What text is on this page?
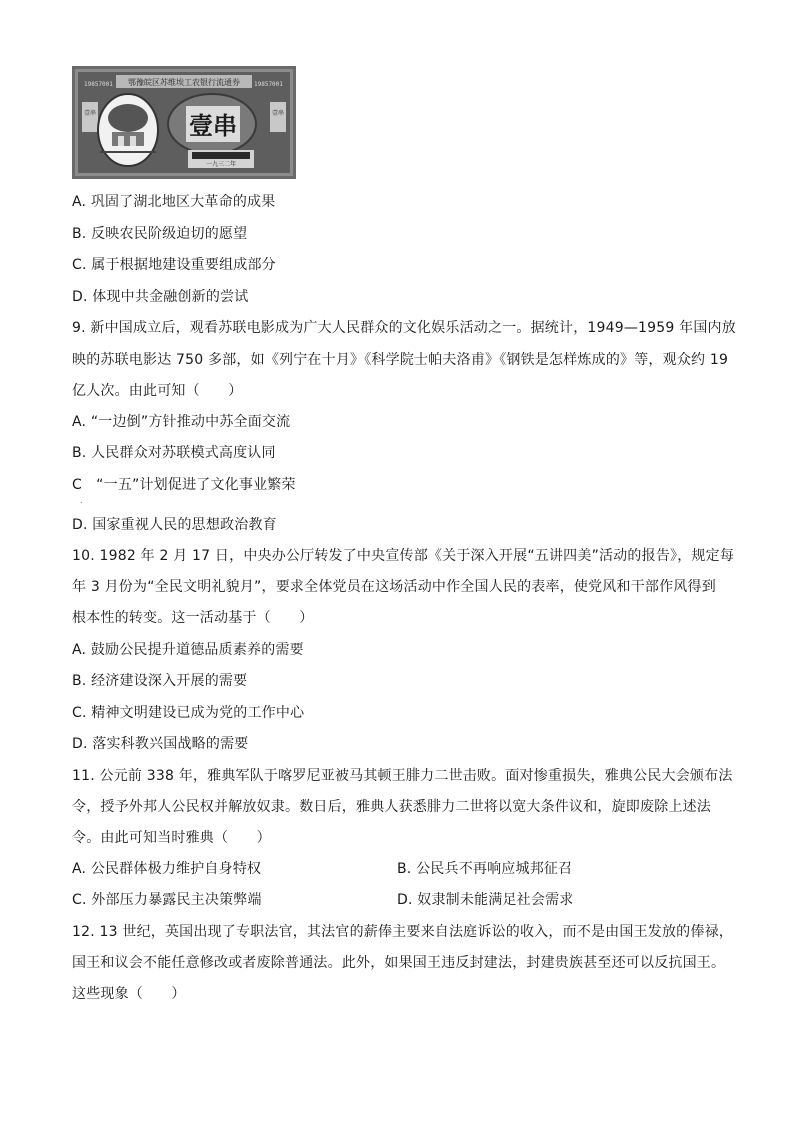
鄂豫皖区苏维埃工农银行流通券
19857001	19857001
壹串	壹串
壹串
一九三二年
A. 巩固了湖北地区大革命的成果
B. 反映农民阶级迫切的愿望
C. 属于根据地建设重要组成部分
D. 体现中共金融创新的尝试
9. 新中国成立后，观看苏联电影成为广大人民群众的文化娱乐活动之一。据统计，1949—1959 年国内放
映的苏联电影达 750 多部，如《列宁在十月》《科学院士帕夫洛甫》《钢铁是怎样炼成的》等，观众约 19
亿人次。由此可知（　　）
A. “一边倒”方针推动中苏全面交流
B. 人民群众对苏联模式高度认同
C　“一五”计划促进了文化事业繁荣
.
D. 国家重视人民的思想政治教育
10. 1982 年 2 月 17 日，中央办公厅转发了中央宣传部《关于深入开展“五讲四美”活动的报告》，规定每
年 3 月份为“全民文明礼貌月”，要求全体党员在这场活动中作全国人民的表率，使党风和干部作风得到
根本性的转变。这一活动基于（　　）
A. 鼓励公民提升道德品质素养的需要
B. 经济建设深入开展的需要
C. 精神文明建设已成为党的工作中心
D. 落实科教兴国战略的需要
11. 公元前 338 年，雅典军队于喀罗尼亚被马其顿王腓力二世击败。面对惨重损失，雅典公民大会颁布法
令，授予外邦人公民权并解放奴隶。数日后，雅典人获悉腓力二世将以宽大条件议和，旋即废除上述法
令。由此可知当时雅典（　　）
A. 公民群体极力维护自身特权	B. 公民兵不再响应城邦征召
C. 外部压力暴露民主决策弊端	D. 奴隶制未能满足社会需求
12. 13 世纪，英国出现了专职法官，其法官的薪俸主要来自法庭诉讼的收入，而不是由国王发放的俸禄，
国王和议会不能任意修改或者废除普通法。此外，如果国王违反封建法，封建贵族甚至还可以反抗国王。
这些现象（　　）
